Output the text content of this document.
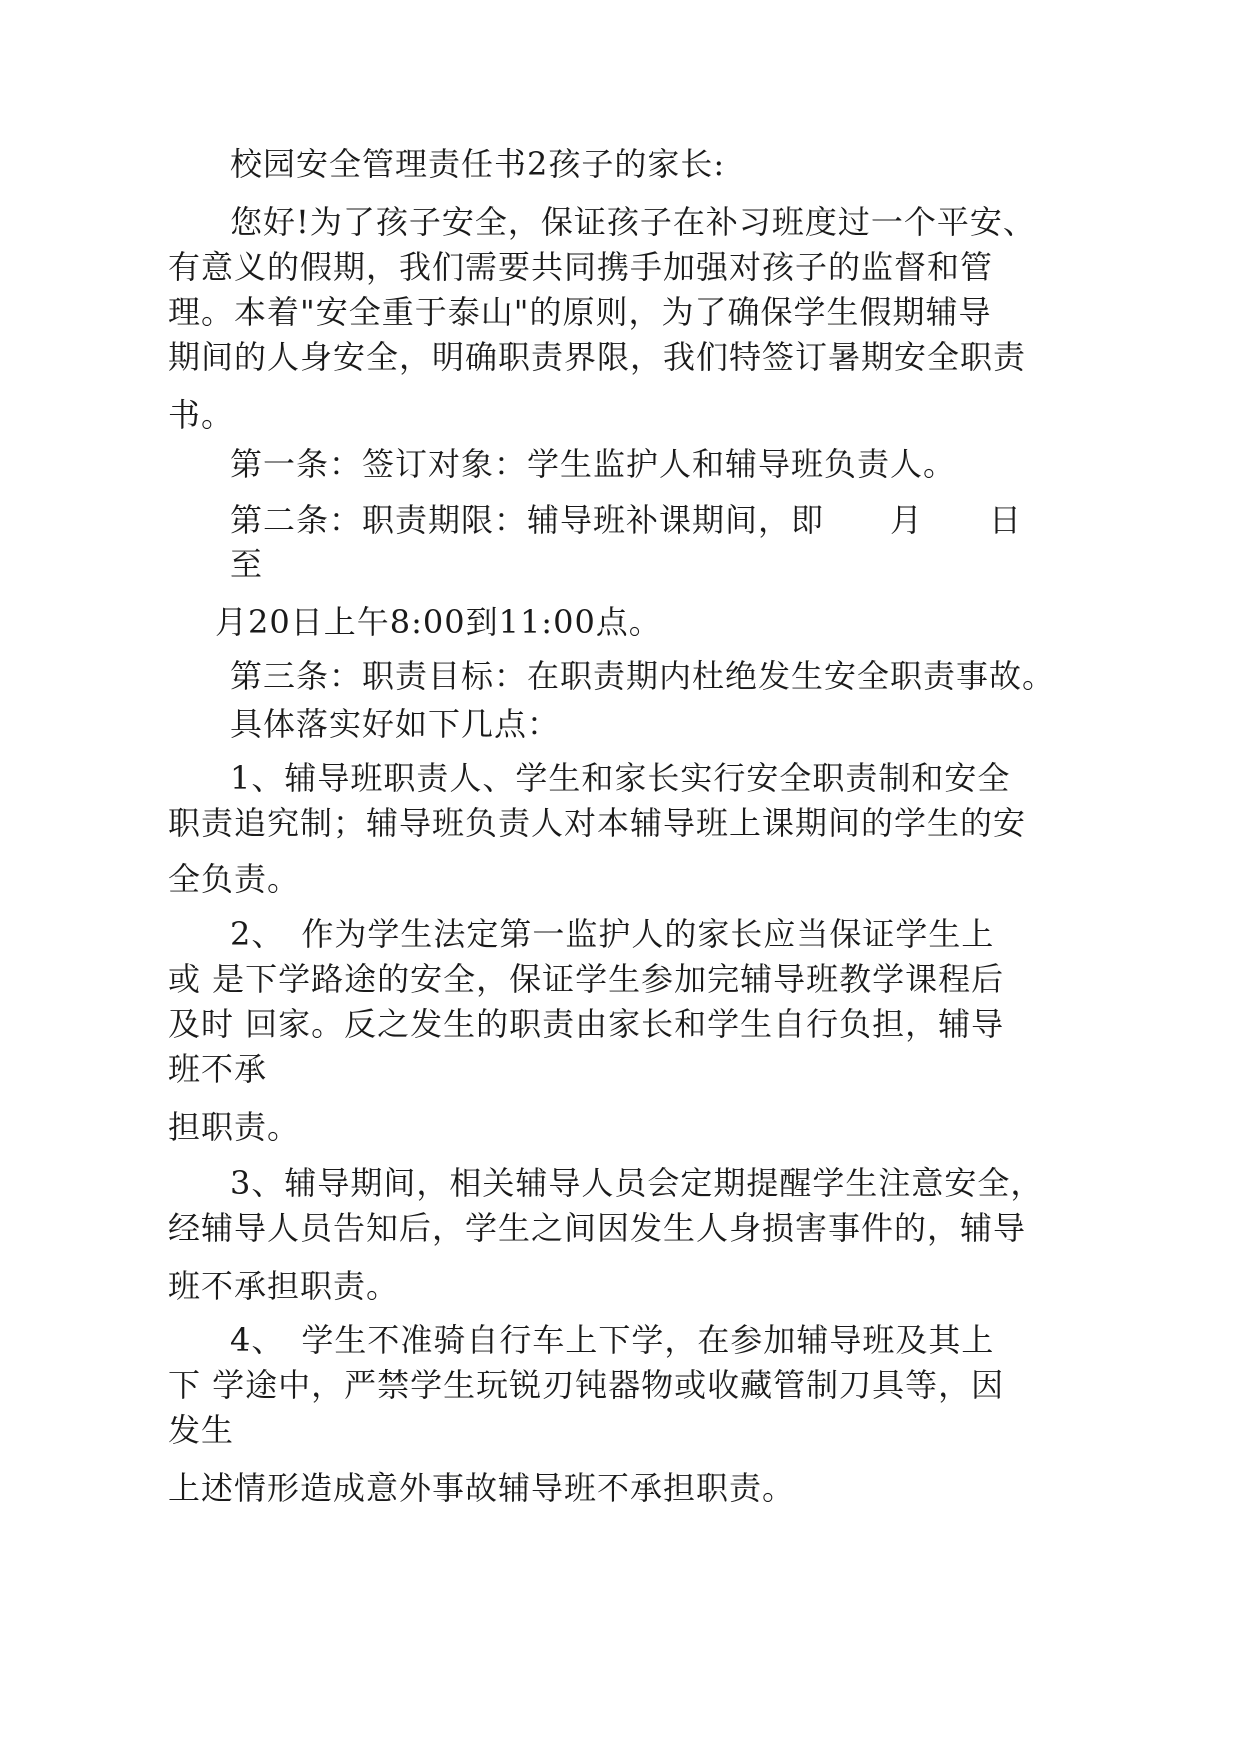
校园安全管理责任书2孩子的家长:
您好!为了孩子安全，保证孩子在补习班度过一个平安、
有意义的假期，我们需要共同携手加强对孩子的监督和管
理。本着"安全重于泰山"的原则，为了确保学生假期辅导
期间的人身安全，明确职责界限，我们特签订暑期安全职责
书。
第一条：签订对象：学生监护人和辅导班负责人。
第二条：职责期限：辅导班补课期间，即　　月　　日
至
月20日上午8:00到11:00点。
第三条：职责目标：在职责期内杜绝发生安全职责事故。
具体落实好如下几点：
1、辅导班职责人、学生和家长实行安全职责制和安全
职责追究制；辅导班负责人对本辅导班上课期间的学生的安
全负责。
2、　作为学生法定第一监护人的家长应当保证学生上
或 是下学路途的安全，保证学生参加完辅导班教学课程后
及时 回家。反之发生的职责由家长和学生自行负担，辅导
班不承
担职责。
3、辅导期间，相关辅导人员会定期提醒学生注意安全，
经辅导人员告知后，学生之间因发生人身损害事件的，辅导
班不承担职责。
4、　学生不准骑自行车上下学，在参加辅导班及其上
下 学途中，严禁学生玩锐刃钝器物或收藏管制刀具等，因
发生
上述情形造成意外事故辅导班不承担职责。
